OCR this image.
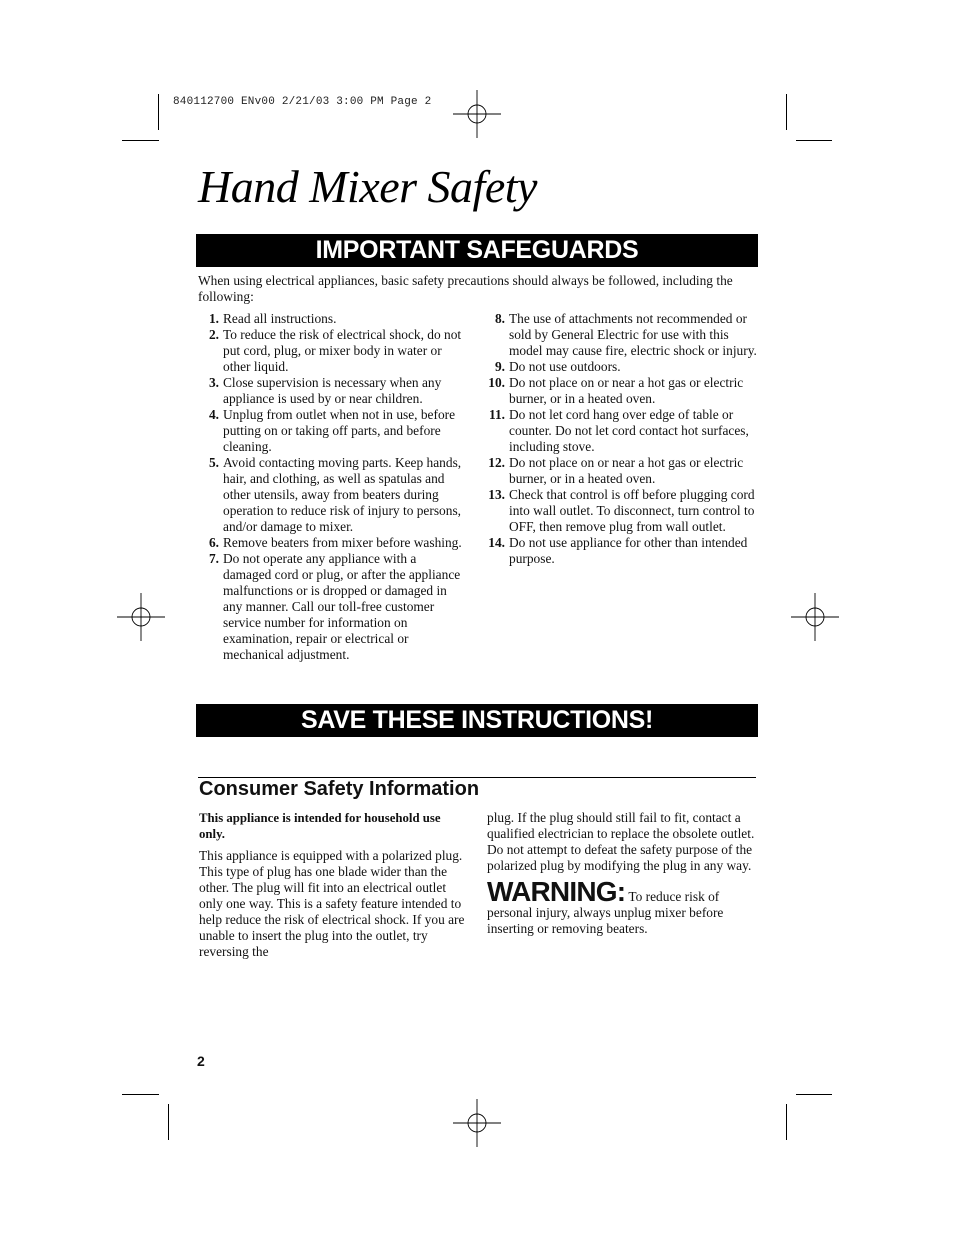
840112700 ENv00 2/21/03 3:00 PM Page 2
Hand Mixer Safety
IMPORTANT SAFEGUARDS
When using electrical appliances, basic safety precautions should always be followed, including the following:
1. Read all instructions.
2. To reduce the risk of electrical shock, do not put cord, plug, or mixer body in water or other liquid.
3. Close supervision is necessary when any appliance is used by or near children.
4. Unplug from outlet when not in use, before putting on or taking off parts, and before cleaning.
5. Avoid contacting moving parts. Keep hands, hair, and clothing, as well as spatulas and other utensils, away from beaters during operation to reduce risk of injury to persons, and/or damage to mixer.
6. Remove beaters from mixer before washing.
7. Do not operate any appliance with a damaged cord or plug, or after the appliance malfunctions or is dropped or damaged in any manner. Call our toll-free customer service number for information on examination, repair or electrical or mechanical adjustment.
8. The use of attachments not recommended or sold by General Electric for use with this model may cause fire, electric shock or injury.
9. Do not use outdoors.
10. Do not place on or near a hot gas or electric burner, or in a heated oven.
11. Do not let cord hang over edge of table or counter. Do not let cord contact hot surfaces, including stove.
12. Do not place on or near a hot gas or electric burner, or in a heated oven.
13. Check that control is off before plugging cord into wall outlet. To disconnect, turn control to OFF, then remove plug from wall outlet.
14. Do not use appliance for other than intended purpose.
SAVE THESE INSTRUCTIONS!
Consumer Safety Information

This appliance is intended for household use only.

This appliance is equipped with a polarized plug. This type of plug has one blade wider than the other. The plug will fit into an electrical outlet only one way. This is a safety feature intended to help reduce the risk of electrical shock. If you are unable to insert the plug into the outlet, try reversing the

plug. If the plug should still fail to fit, contact a qualified electrician to replace the obsolete outlet. Do not attempt to defeat the safety purpose of the polarized plug by modifying the plug in any way.

WARNING: To reduce risk of personal injury, always unplug mixer before inserting or removing beaters.

2
